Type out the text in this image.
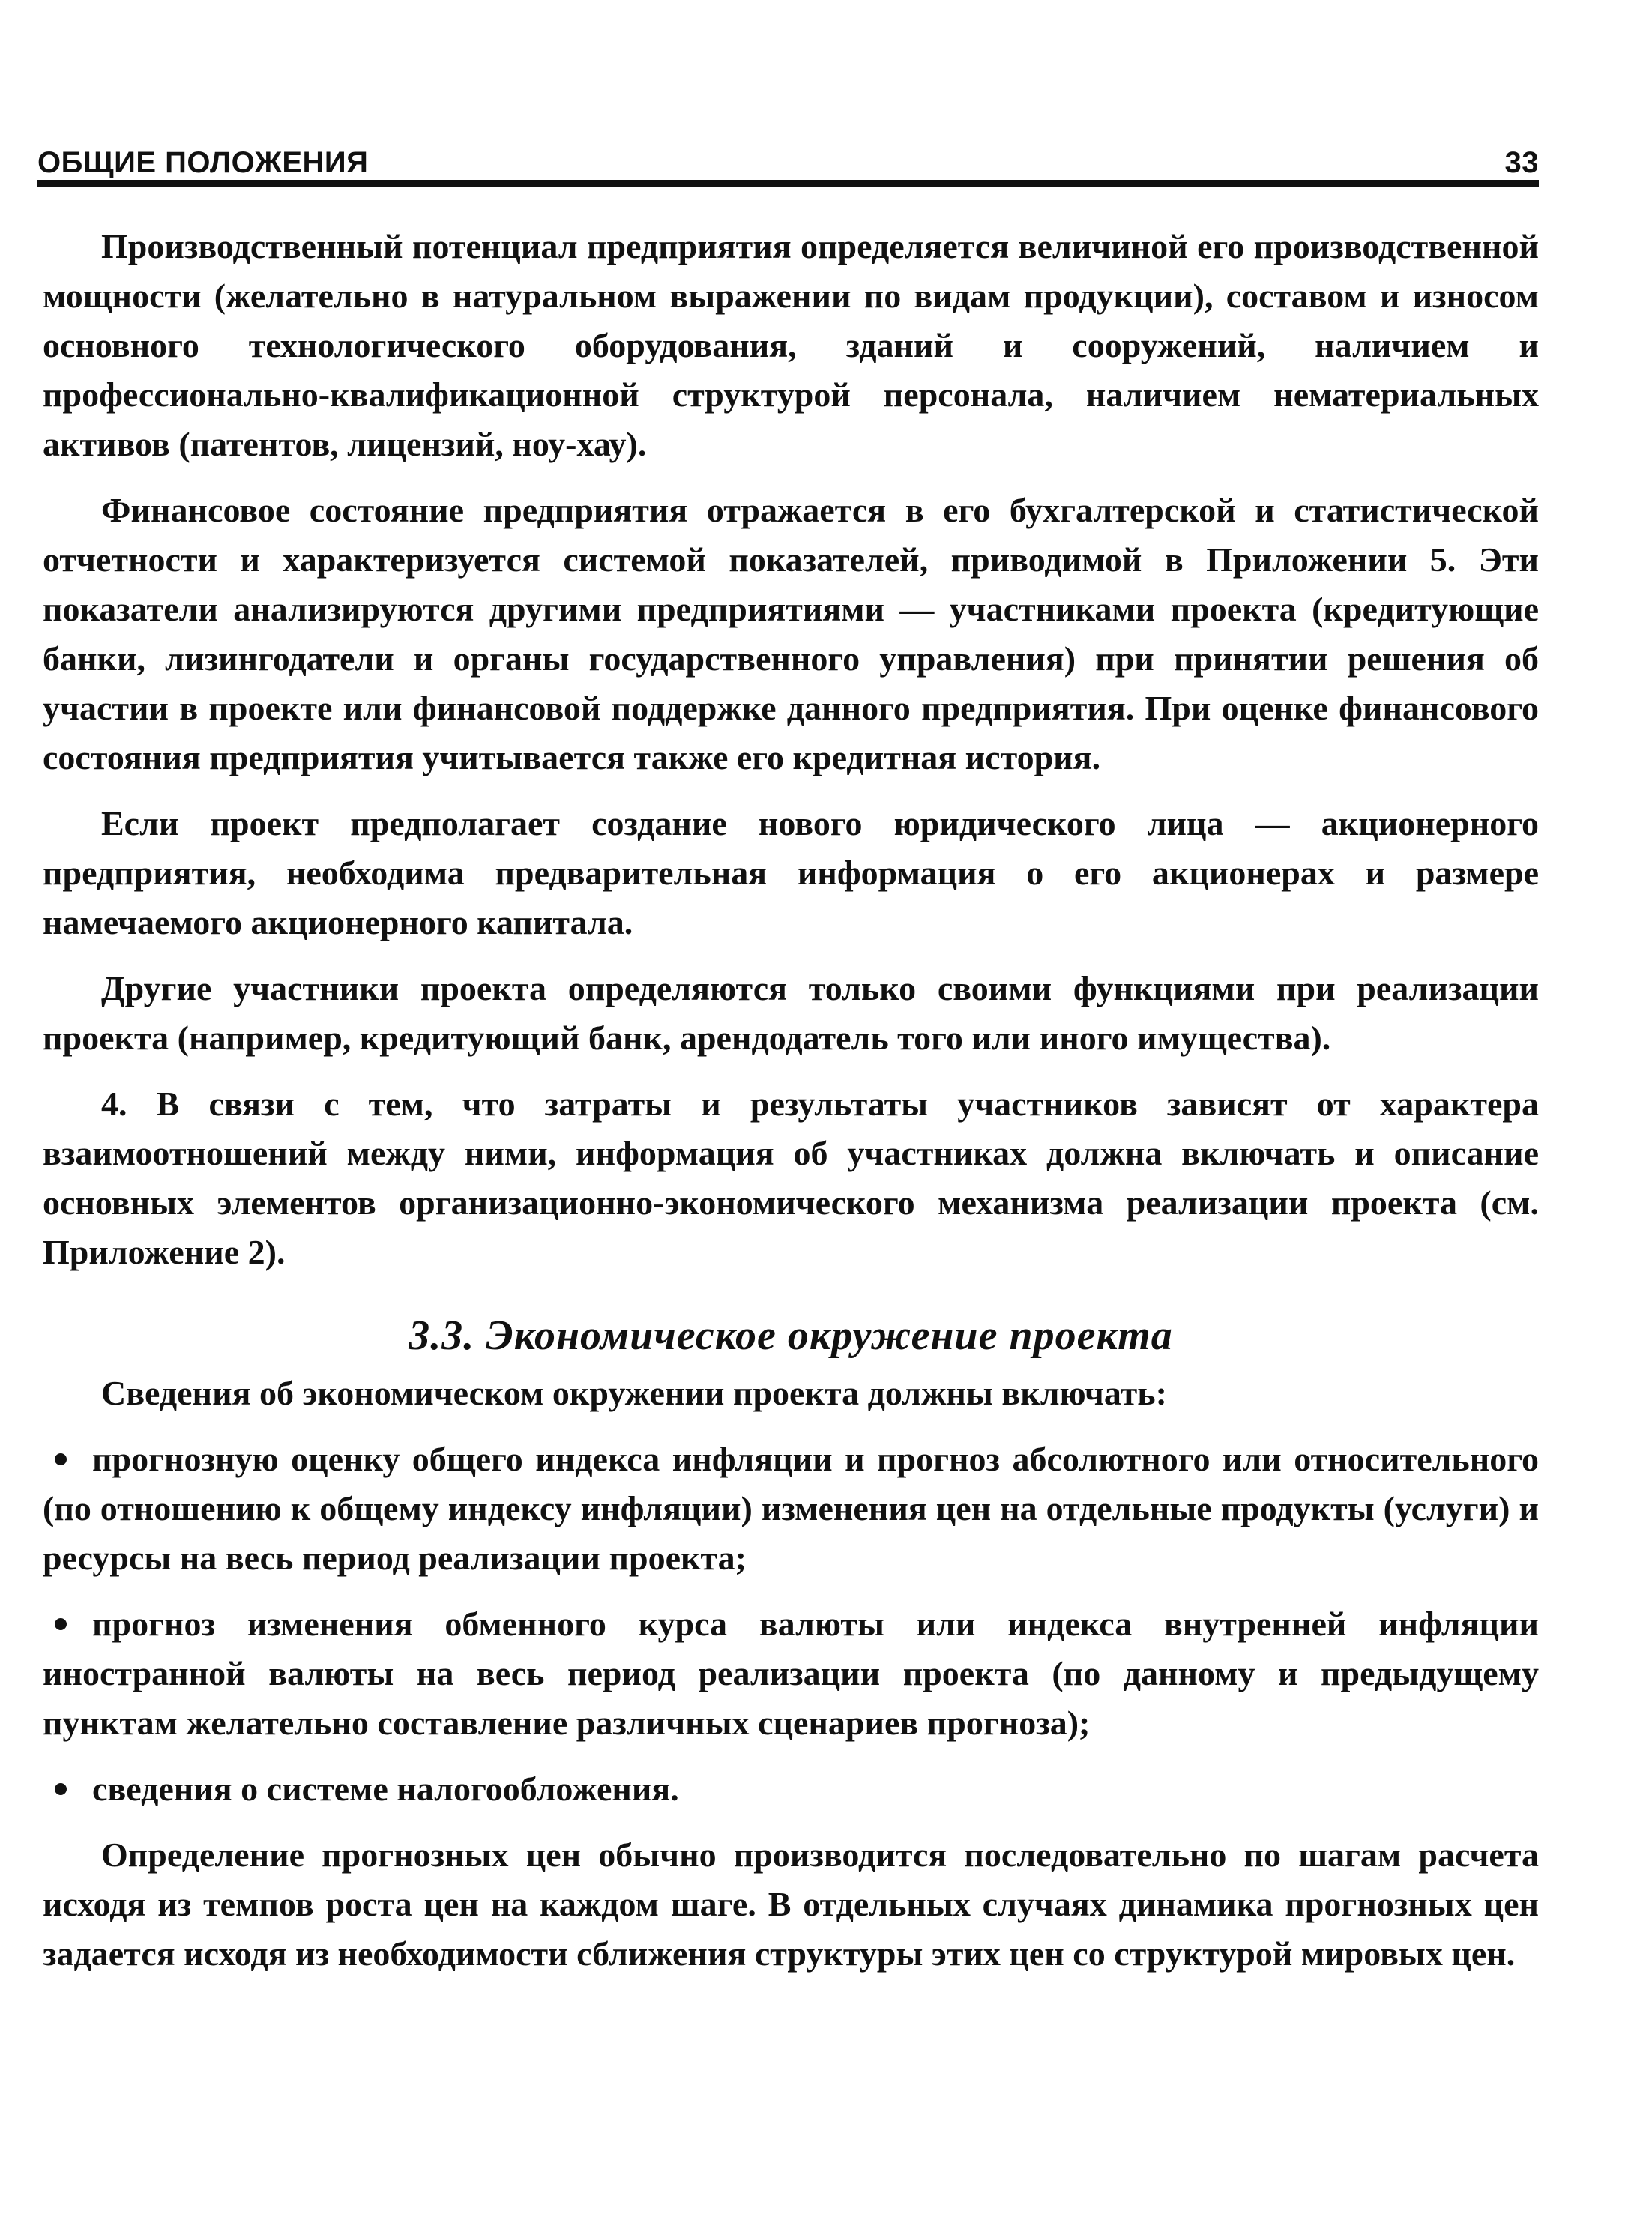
ОБЩИЕ ПОЛОЖЕНИЯ	33

Производственный потенциал предприятия определяется величиной его производственной мощности (желательно в натуральном выражении по видам продукции), составом и износом основного технологического оборудования, зданий и сооружений, наличием и профессионально-квалификационной структурой персонала, наличием нематериальных активов (патентов, лицензий, ноу-хау).

Финансовое состояние предприятия отражается в его бухгалтерской и статистической отчетности и характеризуется системой показателей, приводимой в Приложении 5. Эти показатели анализируются другими предприятиями — участниками проекта (кредитующие банки, лизингодатели и органы государственного управления) при принятии решения об участии в проекте или финансовой поддержке данного предприятия. При оценке финансового состояния предприятия учитывается также его кредитная история.

Если проект предполагает создание нового юридического лица — акционерного предприятия, необходима предварительная информация о его акционерах и размере намечаемого акционерного капитала.

Другие участники проекта определяются только своими функциями при реализации проекта (например, кредитующий банк, арендодатель того или иного имущества).

4. В связи с тем, что затраты и результаты участников зависят от характера взаимоотношений между ними, информация об участниках должна включать и описание основных элементов организационно-экономического механизма реализации проекта (см. Приложение 2).

3.3. Экономическое окружение проекта

Сведения об экономическом окружении проекта должны включать:

прогнозную оценку общего индекса инфляции и прогноз абсолютного или относительного (по отношению к общему индексу инфляции) изменения цен на отдельные продукты (услуги) и ресурсы на весь период реализации проекта;
прогноз изменения обменного курса валюты или индекса внутренней инфляции иностранной валюты на весь период реализации проекта (по данному и предыдущему пунктам желательно составление различных сценариев прогноза);
сведения о системе налогообложения.

Определение прогнозных цен обычно производится последовательно по шагам расчета исходя из темпов роста цен на каждом шаге. В отдельных случаях динамика прогнозных цен задается исходя из необходимости сближения структуры этих цен со структурой мировых цен.
